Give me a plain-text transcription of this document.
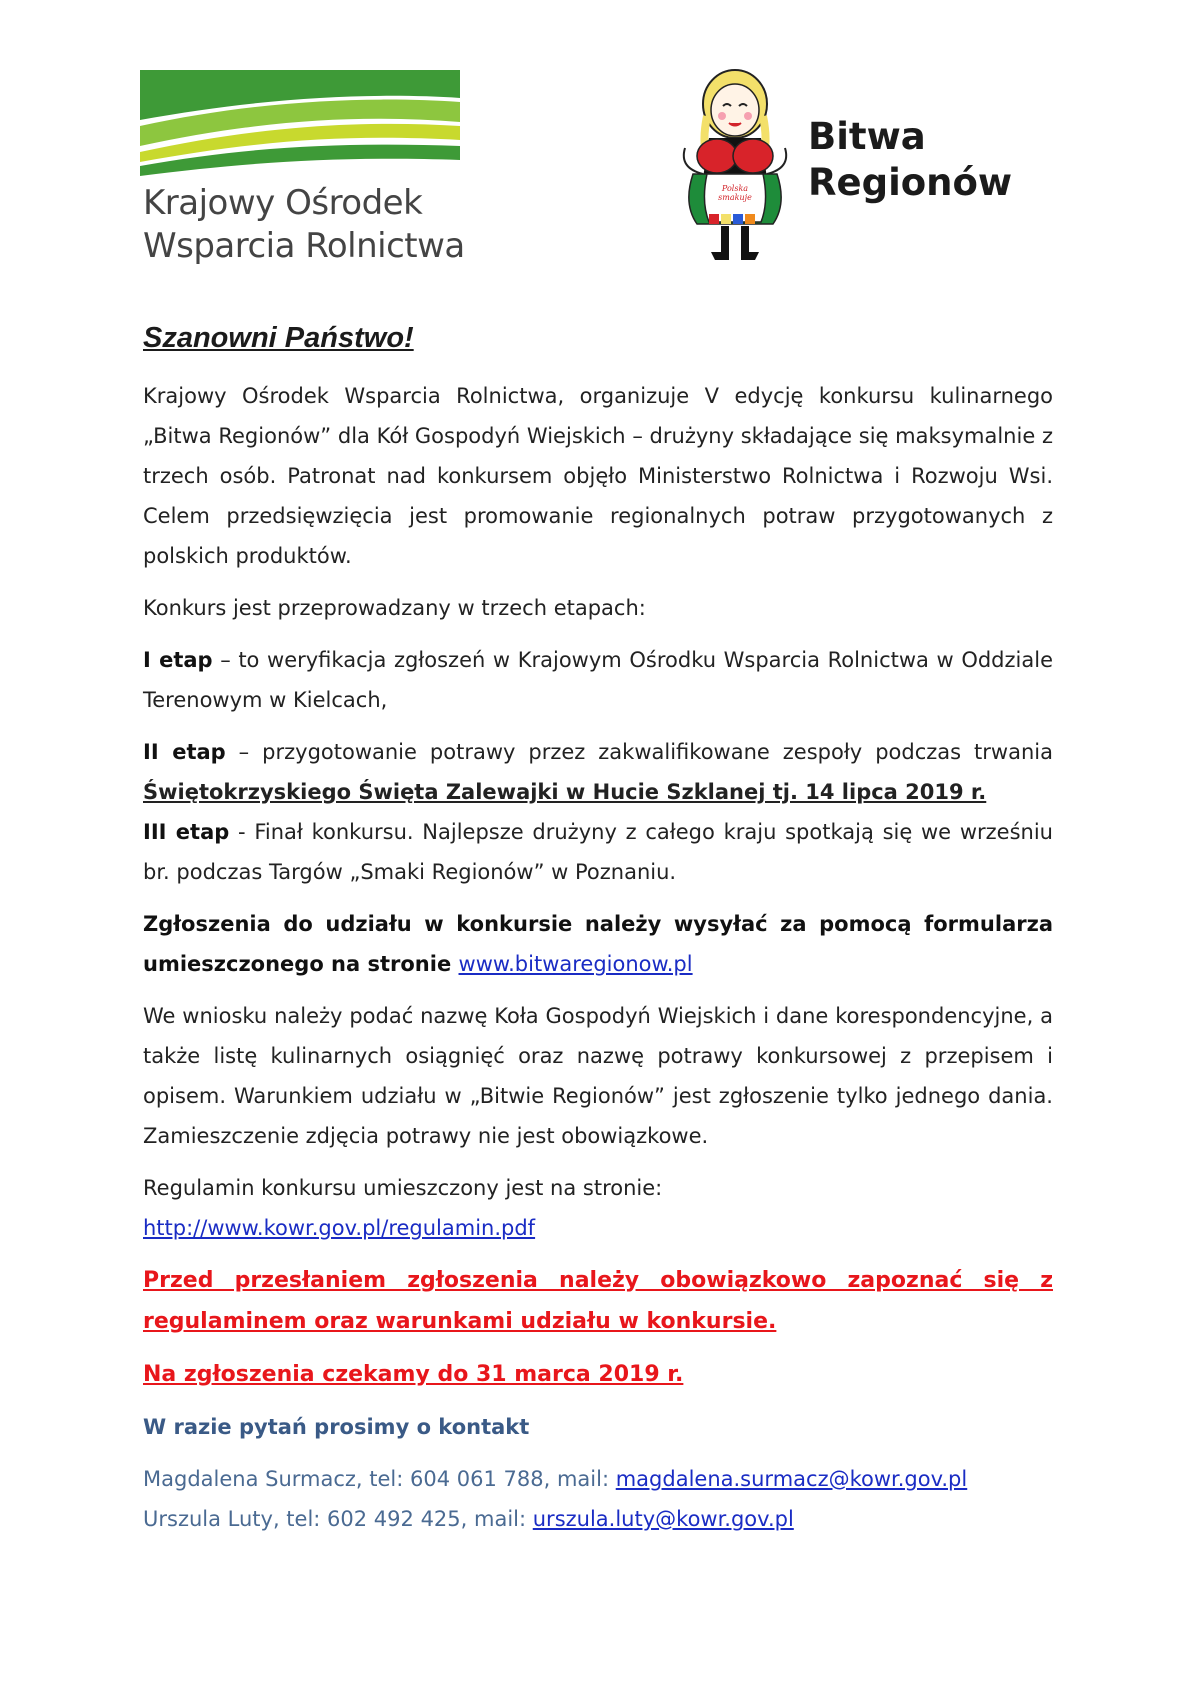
Krajowy Ośrodek
Wsparcia Rolnictwa
Polska smakuje
Bitwa
Regionów
Szanowni Państwo!

Krajowy Ośrodek Wsparcia Rolnictwa, organizuje V edycję konkursu kulinarnego „Bitwa Regionów” dla Kół Gospodyń Wiejskich – drużyny składające się maksymalnie z trzech osób. Patronat nad konkursem objęło Ministerstwo Rolnictwa i Rozwoju Wsi. Celem przedsięwzięcia jest promowanie regionalnych potraw przygotowanych z polskich produktów.

Konkurs jest przeprowadzany w trzech etapach:

I etap – to weryfikacja zgłoszeń w Krajowym Ośrodku Wsparcia Rolnictwa w Oddziale Terenowym w Kielcach,

II etap – przygotowanie potrawy przez zakwalifikowane zespoły podczas trwania Świętokrzyskiego Święta Zalewajki w Hucie Szklanej tj. 14 lipca 2019 r.

III etap - Finał konkursu. Najlepsze drużyny z całego kraju spotkają się we wrześniu br. podczas Targów „Smaki Regionów” w Poznaniu.

Zgłoszenia do udziału w konkursie należy wysyłać za pomocą formularza umieszczonego na stronie www.bitwaregionow.pl

We wniosku należy podać nazwę Koła Gospodyń Wiejskich i dane korespondencyjne, a także listę kulinarnych osiągnięć oraz nazwę potrawy konkursowej z przepisem i opisem. Warunkiem udziału w „Bitwie Regionów” jest zgłoszenie tylko jednego dania. Zamieszczenie zdjęcia potrawy nie jest obowiązkowe.

Regulamin konkursu umieszczony jest na stronie:

http://www.kowr.gov.pl/regulamin.pdf

Przed przesłaniem zgłoszenia należy obowiązkowo zapoznać się z regulaminem oraz warunkami udziału w konkursie.

Na zgłoszenia czekamy do 31 marca 2019 r.

W razie pytań prosimy o kontakt

Magdalena Surmacz, tel: 604 061 788, mail: magdalena.surmacz@kowr.gov.pl

Urszula Luty, tel: 602 492 425, mail: urszula.luty@kowr.gov.pl
